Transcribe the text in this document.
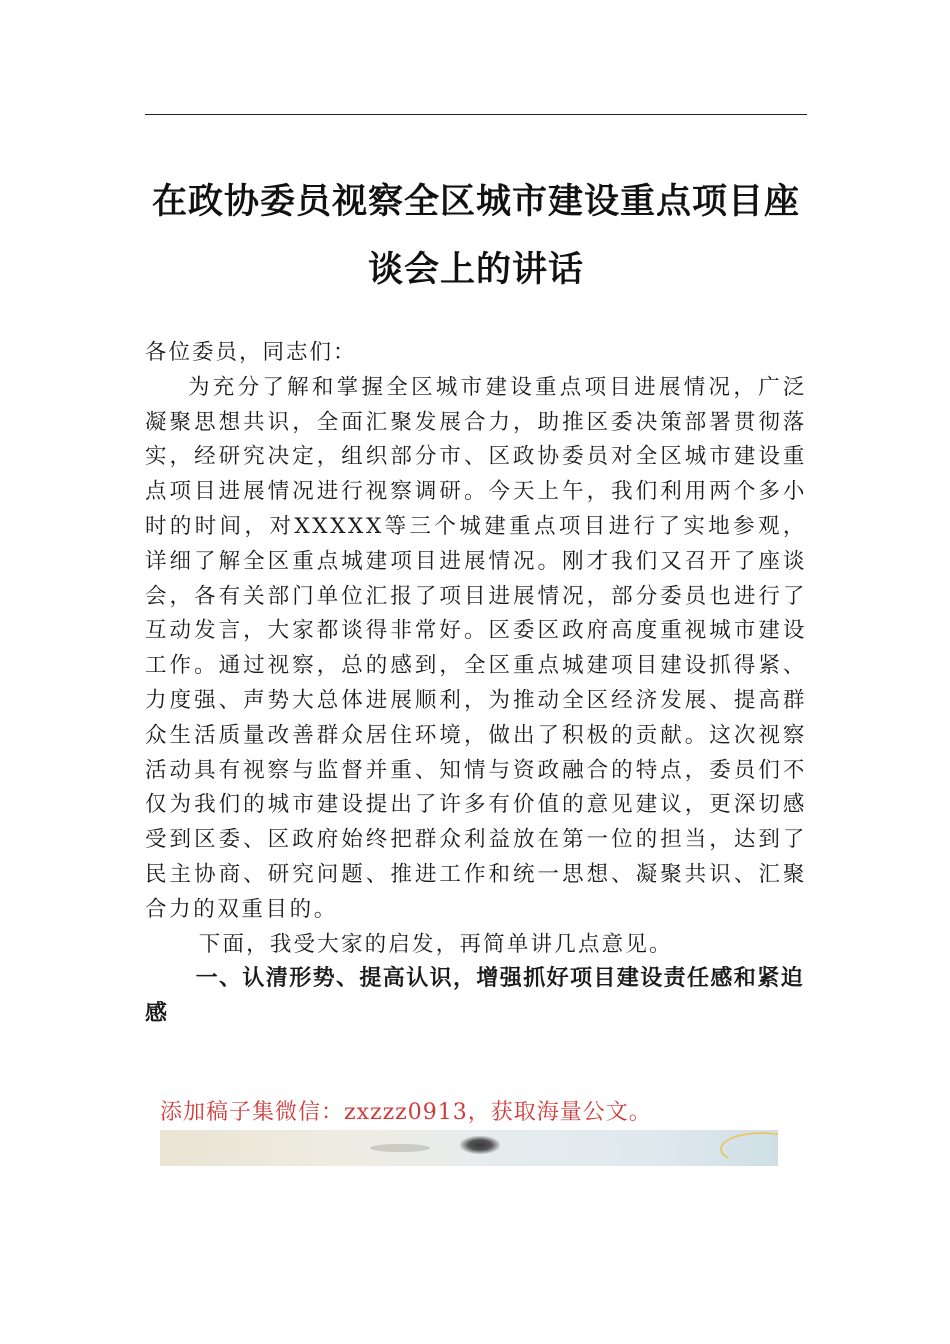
在政协委员视察全区城市建设重点项目座
谈会上的讲话

各位委员，同志们：

为充分了解和掌握全区城市建设重点项目进展情况，广泛凝聚思想共识，全面汇聚发展合力，助推区委决策部署贯彻落实，经研究决定，组织部分市、区政协委员对全区城市建设重点项目进展情况进行视察调研。今天上午，我们利用两个多小时的时间，对XXXXX等三个城建重点项目进行了实地参观，详细了解全区重点城建项目进展情况。刚才我们又召开了座谈会，各有关部门单位汇报了项目进展情况，部分委员也进行了互动发言，大家都谈得非常好。区委区政府高度重视城市建设工作。通过视察，总的感到，全区重点城建项目建设抓得紧、力度强、声势大总体进展顺利，为推动全区经济发展、提高群众生活质量改善群众居住环境，做出了积极的贡献。这次视察活动具有视察与监督并重、知情与资政融合的特点，委员们不仅为我们的城市建设提出了许多有价值的意见建议，更深切感受到区委、区政府始终把群众利益放在第一位的担当，达到了民主协商、研究问题、推进工作和统一思想、凝聚共识、汇聚合力的双重目的。

下面，我受大家的启发，再简单讲几点意见。

一、认清形势、提高认识，增强抓好项目建设责任感和紧迫感

添加稿子集微信：zxzzz0913，获取海量公文。
